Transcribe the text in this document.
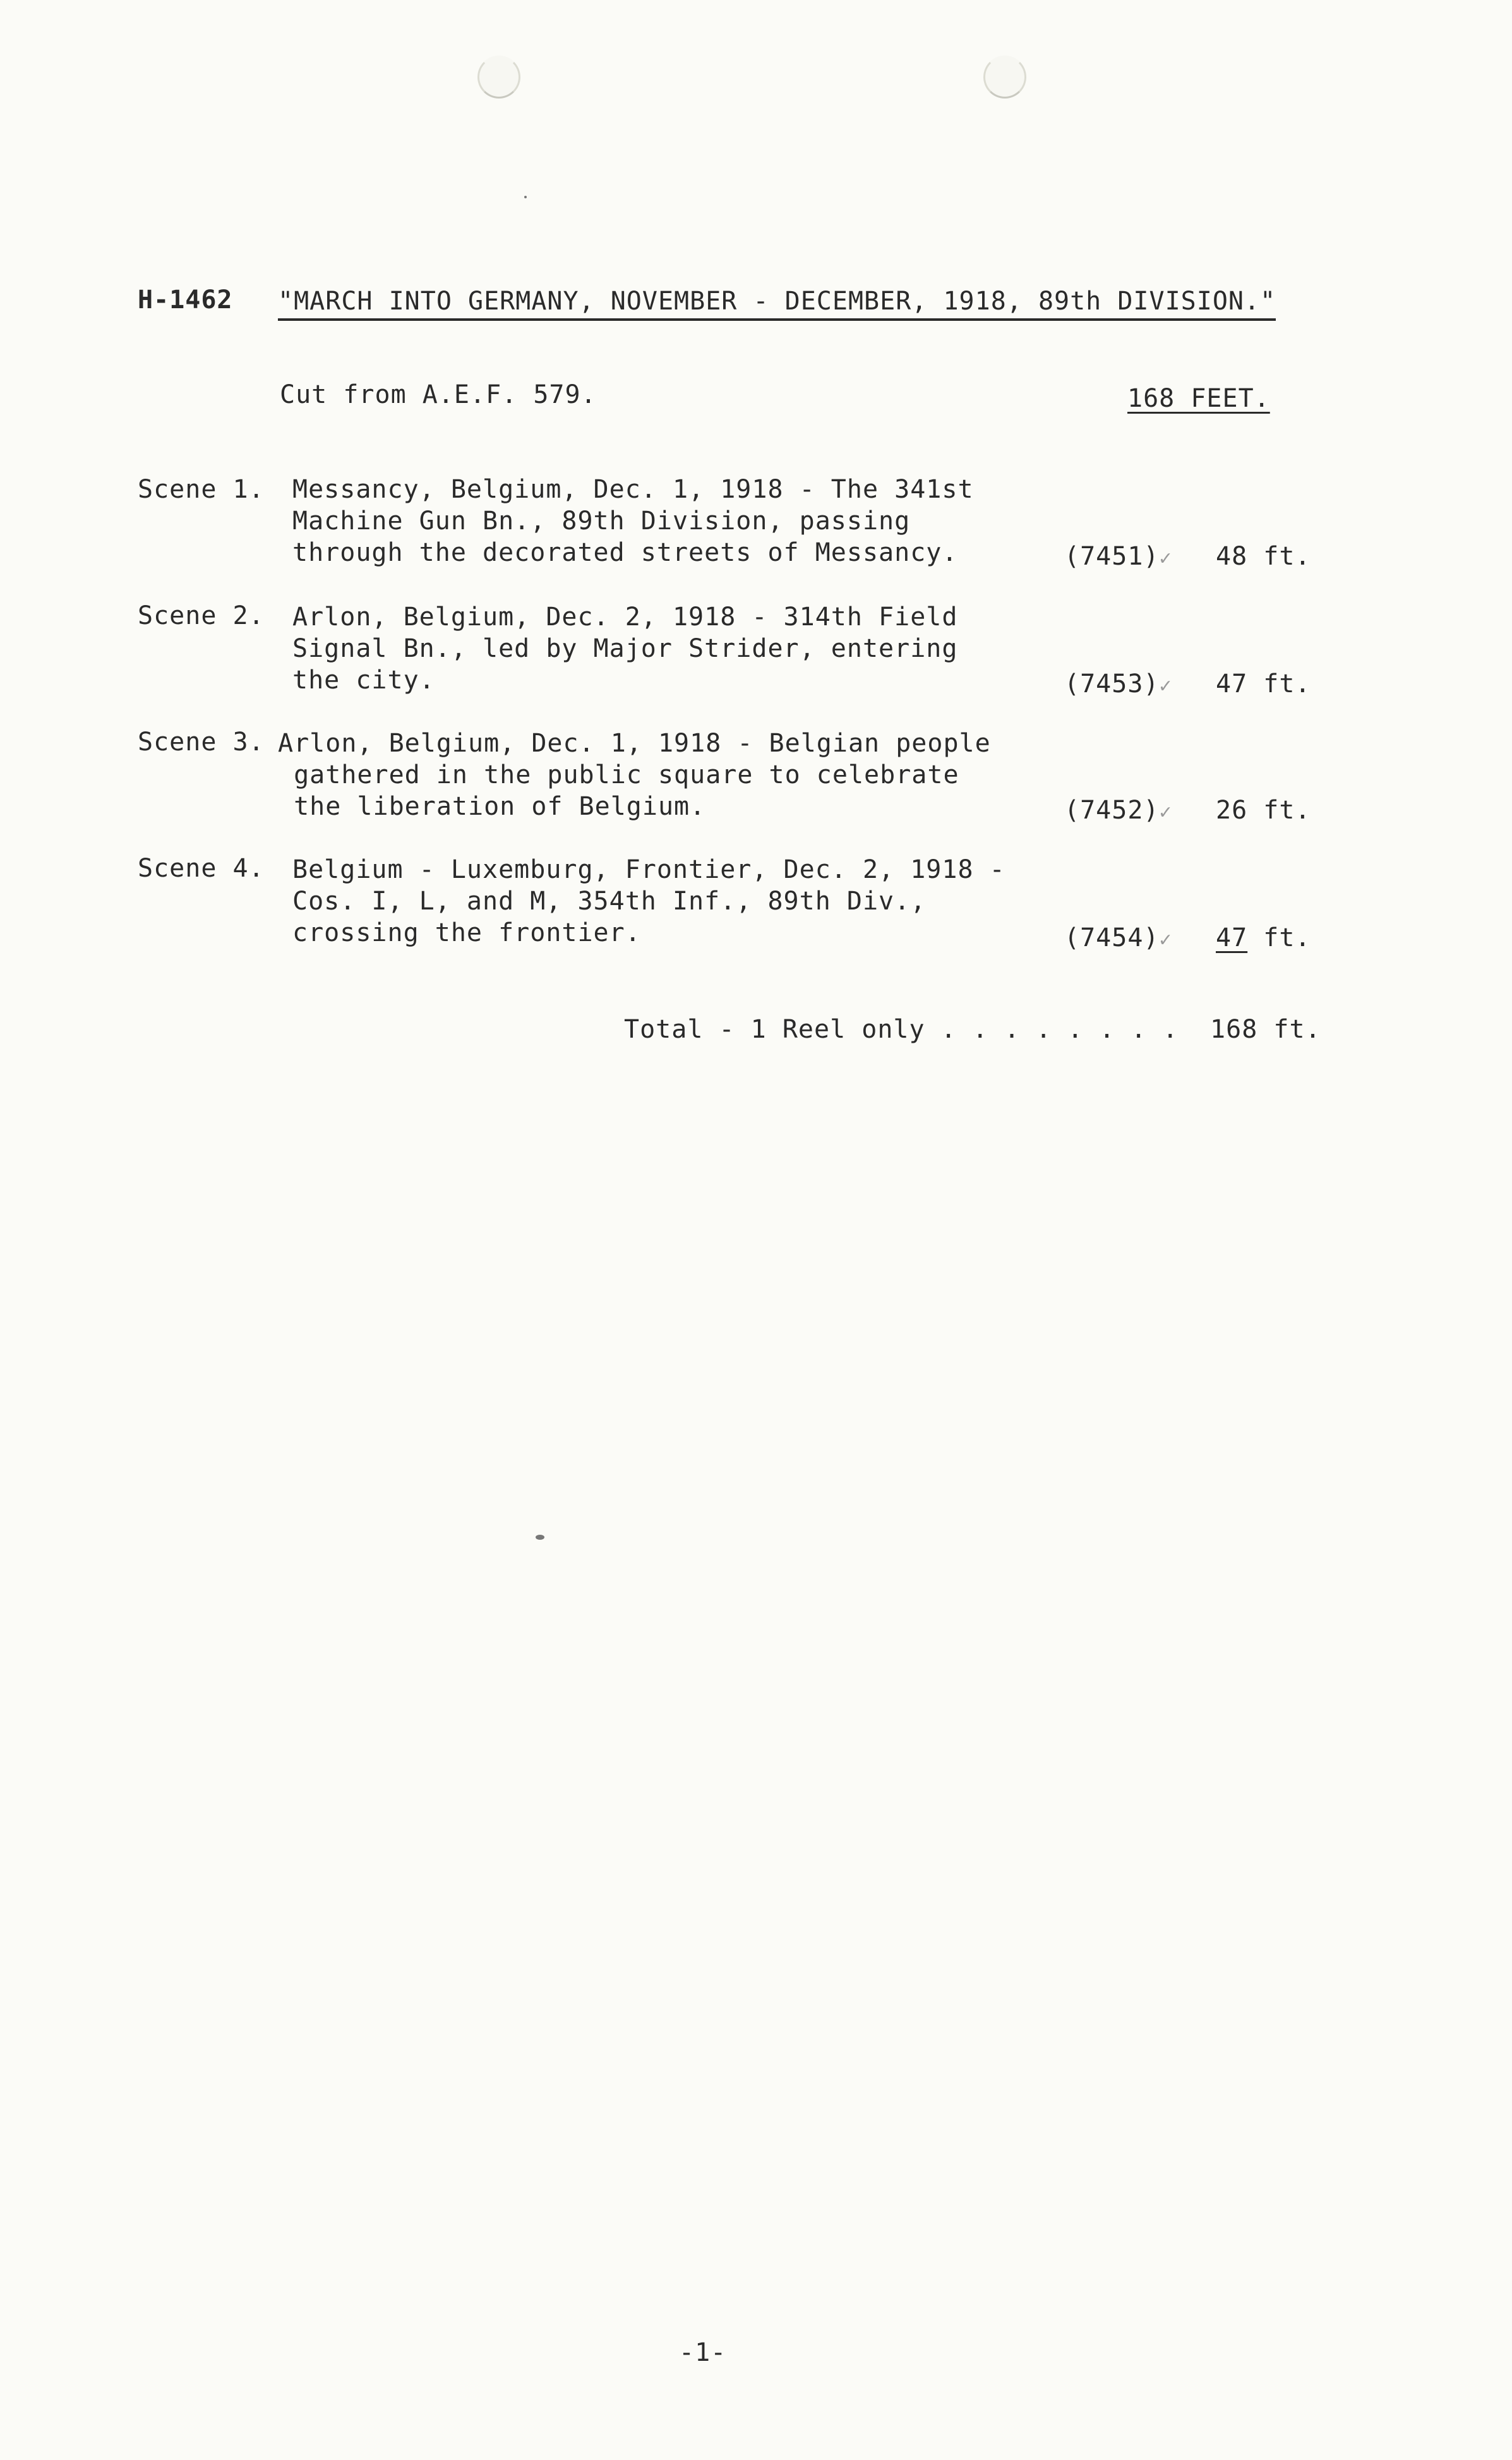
H-1462 "MARCH INTO GERMANY, NOVEMBER - DECEMBER, 1918, 89th DIVISION."
Cut from A.E.F. 579.	168 FEET.
Scene 1. Messancy, Belgium, Dec. 1, 1918 - The 341st
Machine Gun Bn., 89th Division, passing
through the decorated streets of Messancy.	(7451)✓ 48 ft.
Scene 2. Arlon, Belgium, Dec. 2, 1918 - 314th Field
Signal Bn., led by Major Strider, entering
the city.	(7453)✓ 47 ft.
Scene 3. Arlon, Belgium, Dec. 1, 1918 - Belgian people
gathered in the public square to celebrate
the liberation of Belgium.	(7452)✓ 26 ft.
Scene 4. Belgium - Luxemburg, Frontier, Dec. 2, 1918 -
Cos. I, L, and M, 354th Inf., 89th Div.,
crossing the frontier.	(7454)✓ 47 ft.
Total - 1 Reel only . . . . . . . .  168 ft.
-1-
